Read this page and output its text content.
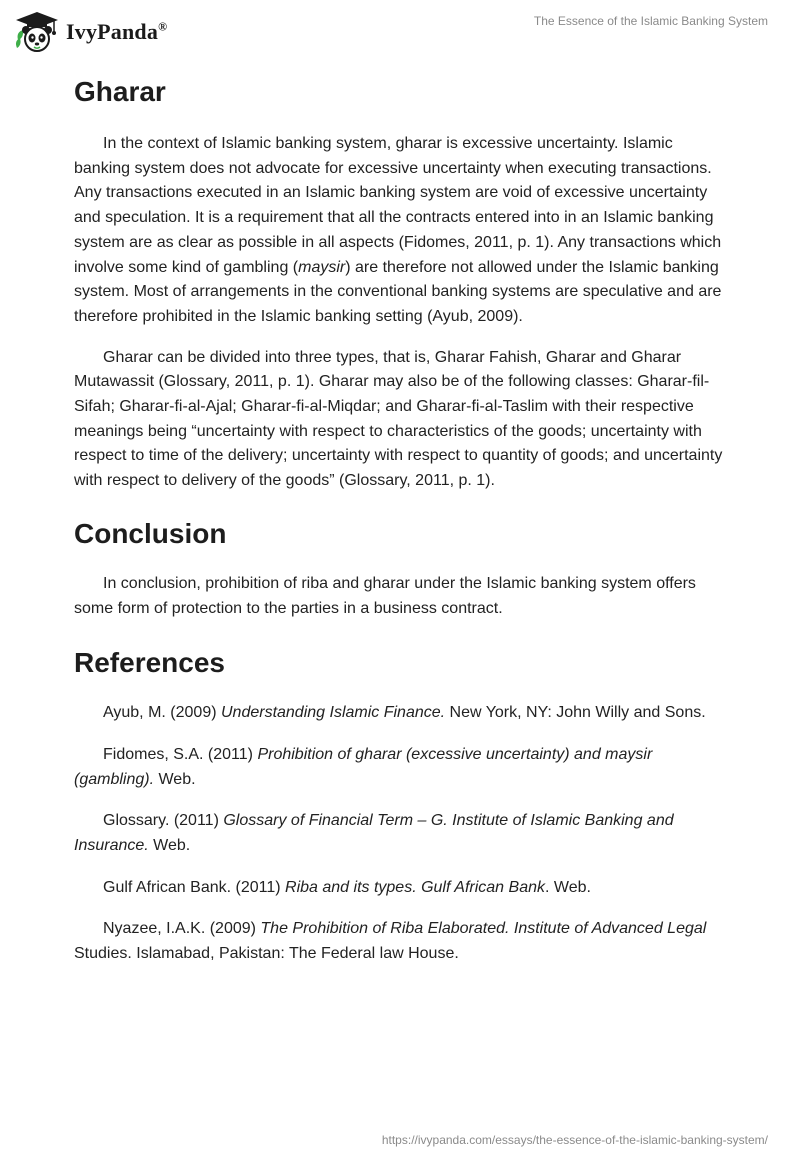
IvyPanda®	The Essence of the Islamic Banking System
Gharar

In the context of Islamic banking system, gharar is excessive uncertainty. Islamic banking system does not advocate for excessive uncertainty when executing transactions. Any transactions executed in an Islamic banking system are void of excessive uncertainty and speculation. It is a requirement that all the contracts entered into in an Islamic banking system are as clear as possible in all aspects (Fidomes, 2011, p. 1). Any transactions which involve some kind of gambling (maysir) are therefore not allowed under the Islamic banking system. Most of arrangements in the conventional banking systems are speculative and are therefore prohibited in the Islamic banking setting (Ayub, 2009).

Gharar can be divided into three types, that is, Gharar Fahish, Gharar and Gharar Mutawassit (Glossary, 2011, p. 1). Gharar may also be of the following classes: Gharar-fil-Sifah; Gharar-fi-al-Ajal; Gharar-fi-al-Miqdar; and Gharar-fi-al-Taslim with their respective meanings being “uncertainty with respect to characteristics of the goods; uncertainty with respect to time of the delivery; uncertainty with respect to quantity of goods; and uncertainty with respect to delivery of the goods” (Glossary, 2011, p. 1).

Conclusion

In conclusion, prohibition of riba and gharar under the Islamic banking system offers some form of protection to the parties in a business contract.

References

Ayub, M. (2009) Understanding Islamic Finance. New York, NY: John Willy and Sons.

Fidomes, S.A. (2011) Prohibition of gharar (excessive uncertainty) and maysir (gambling). Web.

Glossary. (2011) Glossary of Financial Term – G. Institute of Islamic Banking and Insurance. Web.

Gulf African Bank. (2011) Riba and its types. Gulf African Bank. Web.

Nyazee, I.A.K. (2009) The Prohibition of Riba Elaborated. Institute of Advanced Legal Studies. Islamabad, Pakistan: The Federal law House.

https://ivypanda.com/essays/the-essence-of-the-islamic-banking-system/
